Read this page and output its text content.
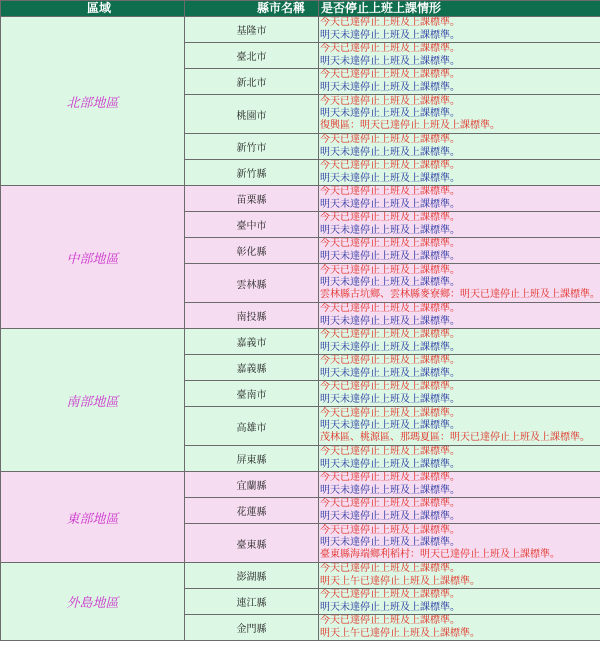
區域	縣市名稱	是否停止上班上課情形
北部地區	基隆市	今天已達停止上班及上課標準。
明天未達停止上班及上課標準。

	臺北市	今天已達停止上班及上課標準。
明天未達停止上班及上課標準。

	新北市	今天已達停止上班及上課標準。
明天未達停止上班及上課標準。

	桃園市	今天已達停止上班及上課標準。
明天未達停止上班及上課標準。
復興區：明天已達停止上班及上課標準。

	新竹市	今天已達停止上班及上課標準。
明天未達停止上班及上課標準。

	新竹縣	今天已達停止上班及上課標準。
明天未達停止上班及上課標準。

中部地區	苗栗縣	今天已達停止上班及上課標準。
明天未達停止上班及上課標準。

	臺中市	今天已達停止上班及上課標準。
明天未達停止上班及上課標準。

	彰化縣	今天已達停止上班及上課標準。
明天未達停止上班及上課標準。

	雲林縣	今天已達停止上班及上課標準。
明天未達停止上班及上課標準。
雲林縣古坑鄉、雲林縣麥寮鄉：明天已達停止上班及上課標準。

	南投縣	今天已達停止上班及上課標準。
明天未達停止上班及上課標準。

南部地區	嘉義市	今天已達停止上班及上課標準。
明天未達停止上班及上課標準。

	嘉義縣	今天已達停止上班及上課標準。
明天未達停止上班及上課標準。

	臺南市	今天已達停止上班及上課標準。
明天未達停止上班及上課標準。

	高雄市	今天已達停止上班及上課標準。
明天未達停止上班及上課標準。
茂林區、桃源區、那瑪夏區：明天已達停止上班及上課標準。

	屏東縣	今天已達停止上班及上課標準。
明天未達停止上班及上課標準。

東部地區	宜蘭縣	今天已達停止上班及上課標準。
明天未達停止上班及上課標準。

	花蓮縣	今天已達停止上班及上課標準。
明天未達停止上班及上課標準。

	臺東縣	今天已達停止上班及上課標準。
明天未達停止上班及上課標準。
臺東縣海端鄉利稻村：明天已達停止上班及上課標準。

外島地區	澎湖縣	今天已達停止上班及上課標準。
明天上午已達停止上班及上課標準。

	連江縣	今天已達停止上班及上課標準。
明天未達停止上班及上課標準。

	金門縣	今天已達停止上班及上課標準。
明天上午已達停止上班及上課標準。
